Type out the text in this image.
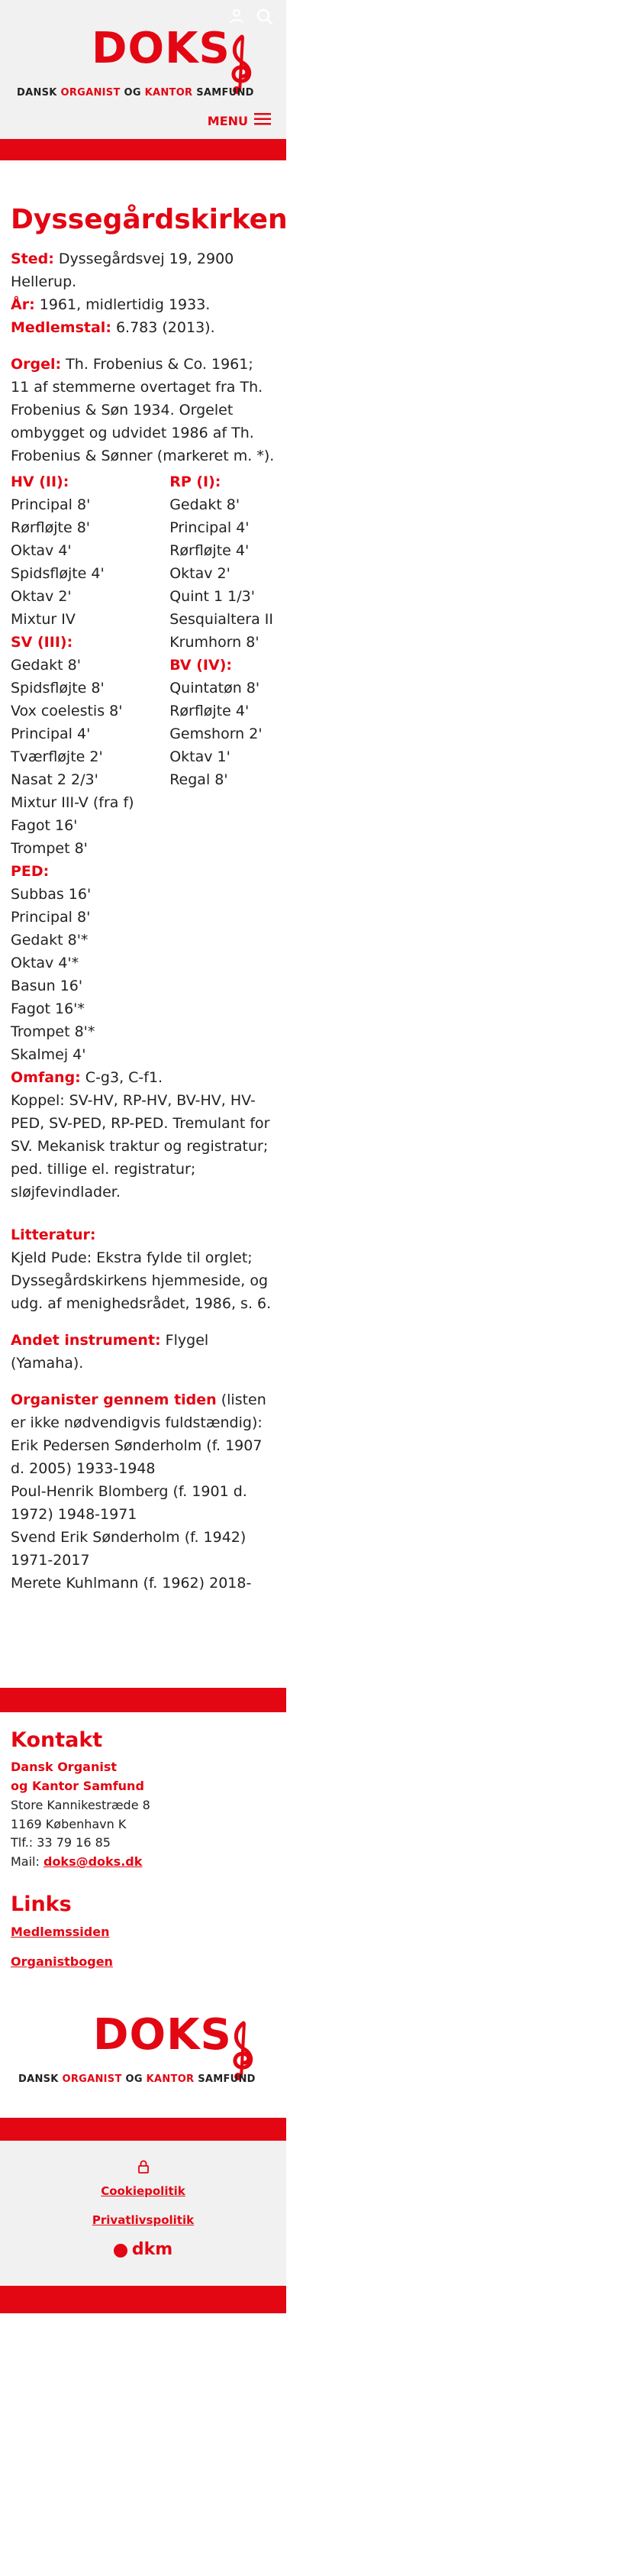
DOKS
DANSK ORGANIST OG KANTOR SAMFUND
MENU
Dyssegårdskirken

Sted: Dyssegårdsvej 19, 2900 Hellerup.

År: 1961, midlertidig 1933.

Medlemstal: 6.783 (2013).

Orgel: Th. Frobenius & Co. 1961; 11 af stemmerne overtaget fra Th. Frobenius & Søn 1934. Orgelet ombygget og udvidet 1986 af Th. Frobenius & Sønner (markeret m. *).

HV (II):

Principal 8'

Rørfløjte 8'

Oktav 4'

Spidsfløjte 4'

Oktav 2'

Mixtur IV

SV (III):

Gedakt 8'

Spidsfløjte 8'

Vox coelestis 8'

Principal 4'

Tværfløjte 2'

Nasat 2 2/3'

Mixtur III-V (fra f)

Fagot 16'

Trompet 8'

PED:

Subbas 16'

Principal 8'

Gedakt 8'*

Oktav 4'*

Basun 16'

Fagot 16'*

Trompet 8'*

Skalmej 4'

RP (I):

Gedakt 8'

Principal 4'

Rørfløjte 4'

Oktav 2'

Quint 1 1/3'

Sesquialtera II

Krumhorn 8'

BV (IV):

Quintatøn 8'

Rørfløjte 4'

Gemshorn 2'

Oktav 1'

Regal 8'

Omfang: C-g3, C-f1.

Koppel: SV-HV, RP-HV, BV-HV, HV-PED, SV-PED, RP-PED. Tremulant for SV. Mekanisk traktur og registratur; ped. tillige el. registratur; sløjfevindlader.

Litteratur:

Kjeld Pude: Ekstra fylde til orglet;

Dyssegårdskirkens hjemmeside, og udg. af menighedsrådet, 1986, s. 6.

Andet instrument: Flygel (Yamaha).

Organister gennem tiden (listen er ikke nødvendigvis fuldstændig):

Erik Pedersen Sønderholm (f. 1907 d. 2005) 1933-1948

Poul-Henrik Blomberg (f. 1901 d. 1972) 1948-1971

Svend Erik Sønderholm (f. 1942) 1971-2017

Merete Kuhlmann (f. 1962) 2018-

Kontakt

Dansk Organist
og Kantor Samfund
Store Kannikestræde 8
1169 København K
Tlf.: 33 79 16 85
Mail: doks@doks.dk

Links
Medlemssiden
Organistbogen
DOKS
DANSK ORGANIST OG KANTOR SAMFUND
Cookiepolitik
Privatlivspolitik
dkm
